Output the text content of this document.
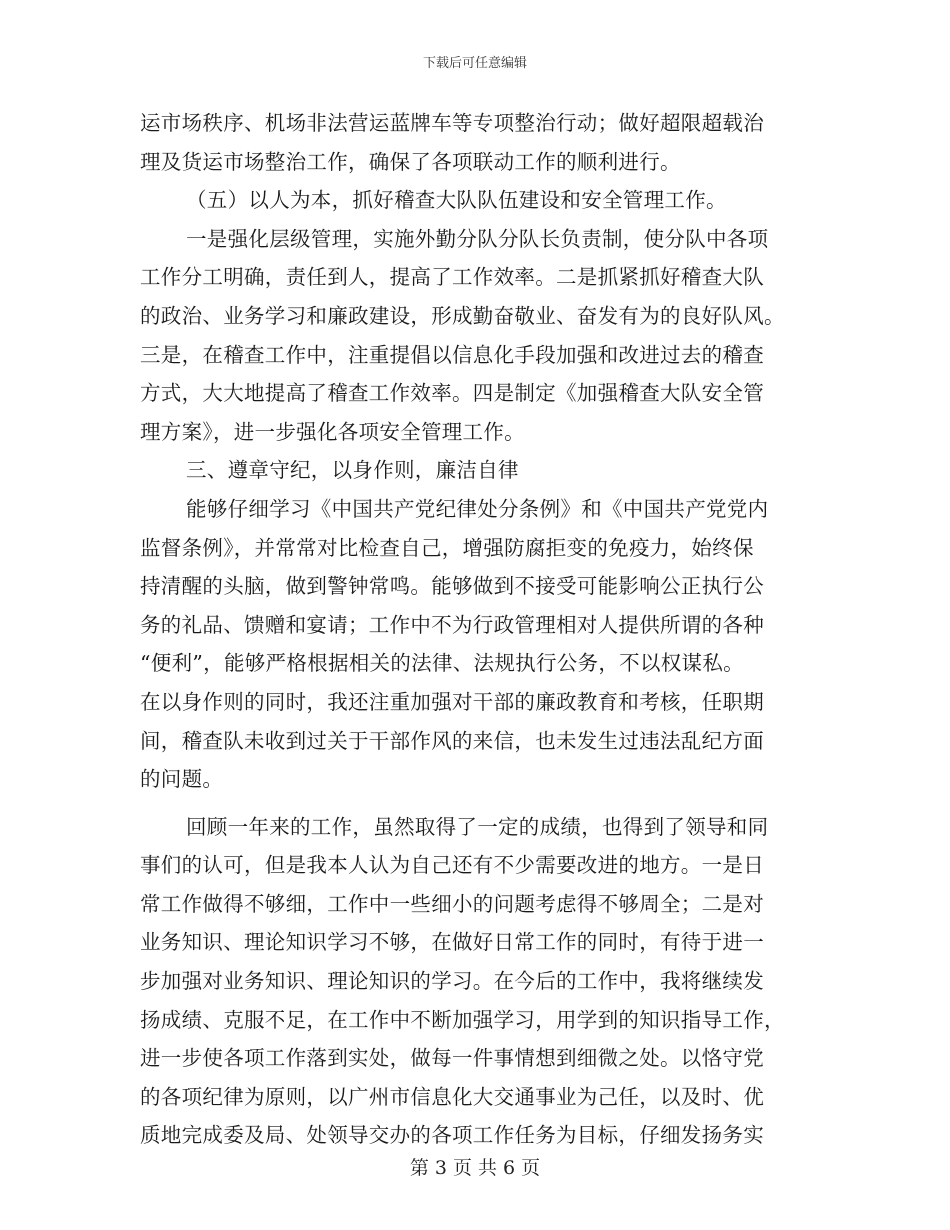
下载后可任意编辑
运市场秩序、机场非法营运蓝牌车等专项整治行动；做好超限超载治
理及货运市场整治工作，确保了各项联动工作的顺利进行。
（五）以人为本，抓好稽查大队队伍建设和安全管理工作。
一是强化层级管理，实施外勤分队分队长负责制，使分队中各项
工作分工明确，责任到人，提高了工作效率。二是抓紧抓好稽查大队
的政治、业务学习和廉政建设，形成勤奋敬业、奋发有为的良好队风。
三是，在稽查工作中，注重提倡以信息化手段加强和改进过去的稽查
方式，大大地提高了稽查工作效率。四是制定《加强稽查大队安全管
理方案》，进一步强化各项安全管理工作。
三、遵章守纪，以身作则，廉洁自律
能够仔细学习《中国共产党纪律处分条例》和《中国共产党党内
监督条例》，并常常对比检查自己，增强防腐拒变的免疫力，始终保
持清醒的头脑，做到警钟常鸣。能够做到不接受可能影响公正执行公
务的礼品、馈赠和宴请；工作中不为行政管理相对人提供所谓的各种
“便利”，能够严格根据相关的法律、法规执行公务，不以权谋私。
在以身作则的同时，我还注重加强对干部的廉政教育和考核，任职期
间，稽查队未收到过关于干部作风的来信，也未发生过违法乱纪方面
的问题。
回顾一年来的工作，虽然取得了一定的成绩，也得到了领导和同
事们的认可，但是我本人认为自己还有不少需要改进的地方。一是日
常工作做得不够细，工作中一些细小的问题考虑得不够周全；二是对
业务知识、理论知识学习不够，在做好日常工作的同时，有待于进一
步加强对业务知识、理论知识的学习。在今后的工作中，我将继续发
扬成绩、克服不足，在工作中不断加强学习，用学到的知识指导工作，
进一步使各项工作落到实处，做每一件事情想到细微之处。以恪守党
的各项纪律为原则，以广州市信息化大交通事业为己任，以及时、优
质地完成委及局、处领导交办的各项工作任务为目标，仔细发扬务实
第 3 页 共 6 页
